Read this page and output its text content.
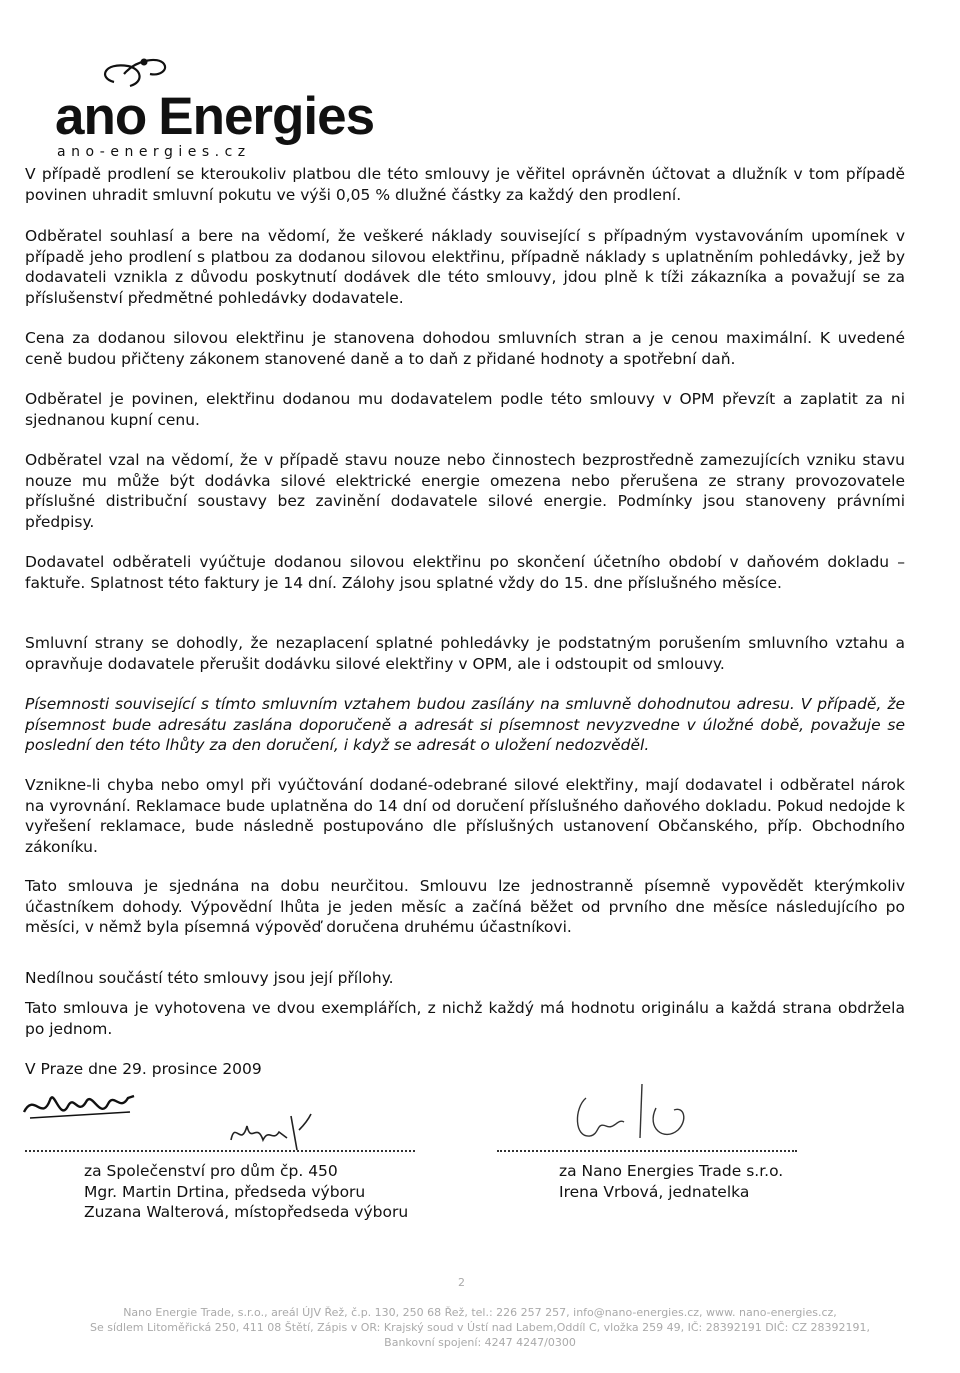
ano Energies
ano-energies.cz

V případě prodlení se kteroukoliv platbou dle této smlouvy je věřitel oprávněn účtovat a dlužník v tom případě povinen uhradit smluvní pokutu ve výši 0,05 % dlužné částky za každý den prodlení.

Odběratel souhlasí a bere na vědomí, že veškeré náklady související s případným vystavováním upomínek v případě jeho prodlení s platbou za dodanou silovou elektřinu, případně náklady s uplatněním pohledávky, jež by dodavateli vznikla z důvodu poskytnutí dodávek dle této smlouvy, jdou plně k tíži zákazníka a považují se za příslušenství předmětné pohledávky dodavatele.

Cena za dodanou silovou elektřinu je stanovena dohodou smluvních stran a je cenou maximální. K uvedené ceně budou přičteny zákonem stanovené daně a to daň z přidané hodnoty a spotřební daň.

Odběratel je povinen, elektřinu dodanou mu dodavatelem podle této smlouvy v OPM převzít a zaplatit za ni sjednanou kupní cenu.

Odběratel vzal na vědomí, že v případě stavu nouze nebo činnostech bezprostředně zamezujících vzniku stavu nouze mu může být dodávka silové elektrické energie omezena nebo přerušena ze strany provozovatele příslušné distribuční soustavy bez zavinění dodavatele silové energie. Podmínky jsou stanoveny právními předpisy.

Dodavatel odběrateli vyúčtuje dodanou silovou elektřinu po skončení účetního období v daňovém dokladu – faktuře. Splatnost této faktury je 14 dní. Zálohy jsou splatné vždy do 15. dne příslušného měsíce.

Smluvní strany se dohodly, že nezaplacení splatné pohledávky je podstatným porušením smluvního vztahu a opravňuje dodavatele přerušit dodávku silové elektřiny v OPM, ale i odstoupit od smlouvy.

Písemnosti související s tímto smluvním vztahem budou zasílány na smluvně dohodnutou adresu. V případě, že písemnost bude adresátu zaslána doporučeně a adresát si písemnost nevyzvedne v úložné době, považuje se poslední den této lhůty za den doručení, i když se adresát o uložení nedozvěděl.

Vznikne-li chyba nebo omyl při vyúčtování dodané-odebrané silové elektřiny, mají dodavatel i odběratel nárok na vyrovnání. Reklamace bude uplatněna do 14 dní od doručení příslušného daňového dokladu. Pokud nedojde k vyřešení reklamace, bude následně postupováno dle příslušných ustanovení Občanského, příp. Obchodního zákoníku.

Tato smlouva je sjednána na dobu neurčitou. Smlouvu lze jednostranně písemně vypovědět kterýmkoliv účastníkem dohody. Výpovědní lhůta je jeden měsíc a začíná běžet od prvního dne měsíce následujícího po měsíci, v němž byla písemná výpověď doručena druhému účastníkovi.

Nedílnou součástí této smlouvy jsou její přílohy.

Tato smlouva je vyhotovena ve dvou exemplářích, z nichž každý má hodnotu originálu a každá strana obdržela po jednom.

V Praze dne 29. prosince 2009

za Společenství pro dům čp. 450
Mgr. Martin Drtina, předseda výboru
Zuzana Walterová, místopředseda výboru
za Nano Energies Trade s.r.o.
Irena Vrbová, jednatelka
2
Nano Energie Trade, s.r.o., areál ÚJV Řež, č.p. 130, 250 68 Řež, tel.: 226 257 257, info@nano-energies.cz, www. nano-energies.cz,
Se sídlem Litoměřická 250, 411 08 Štětí, Zápis v OR: Krajský soud v Ústí nad Labem,Oddíl C, vložka 259 49, IČ: 28392191 DIČ: CZ 28392191,
Bankovní spojení: 4247 4247/0300
